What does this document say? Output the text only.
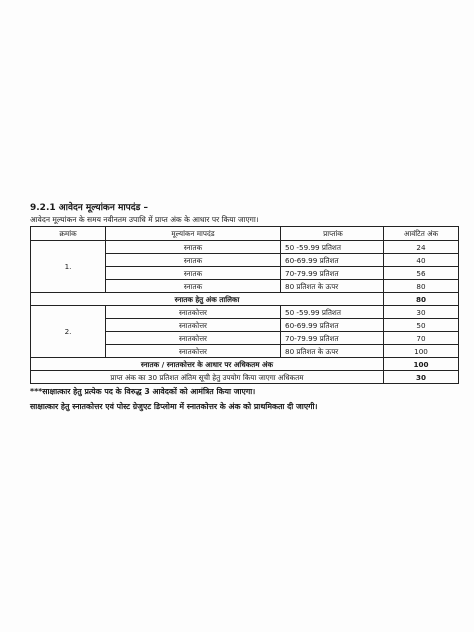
9.2.1 आवेदन मूल्यांकन मापदंड –
आवेदन मूल्यांकन के समय नवीनतम उपाधि में प्राप्त अंक के आधार पर किया जाएगा।
क्रमांक	मूल्यांकन मापदंड	प्राप्तांक	आवंटित अंक
1.	स्नातक	50 -59.99 प्रतिशत	24
	स्नातक	60-69.99 प्रतिशत	40
	स्नातक	70-79.99 प्रतिशत	56
	स्नातक	80 प्रतिशत के ऊपर	80
स्नातक हेतु अंक तालिका			80
2.	स्नातकोत्तर	50 -59.99 प्रतिशत	30
	स्नातकोत्तर	60-69.99 प्रतिशत	50
	स्नातकोत्तर	70-79.99 प्रतिशत	70
	स्नातकोत्तर	80 प्रतिशत के ऊपर	100
स्नातक / स्नातकोत्तर के आधार पर अधिकतम अंक			100
प्राप्त अंक का 30 प्रतिशत अंतिम सूची हेतु उपयोग किया जाएगा अधिकतम			30
***साक्षात्कार हेतु प्रत्येक पद के विरुद्ध 3 आवेदकों को आमंत्रित किया जाएगा।
साक्षात्कार हेतु स्नातकोत्तर एवं पोस्ट ग्रेजुएट डिप्लोमा में स्नातकोत्तर के अंक को प्राथमिकता दी जाएगी।
